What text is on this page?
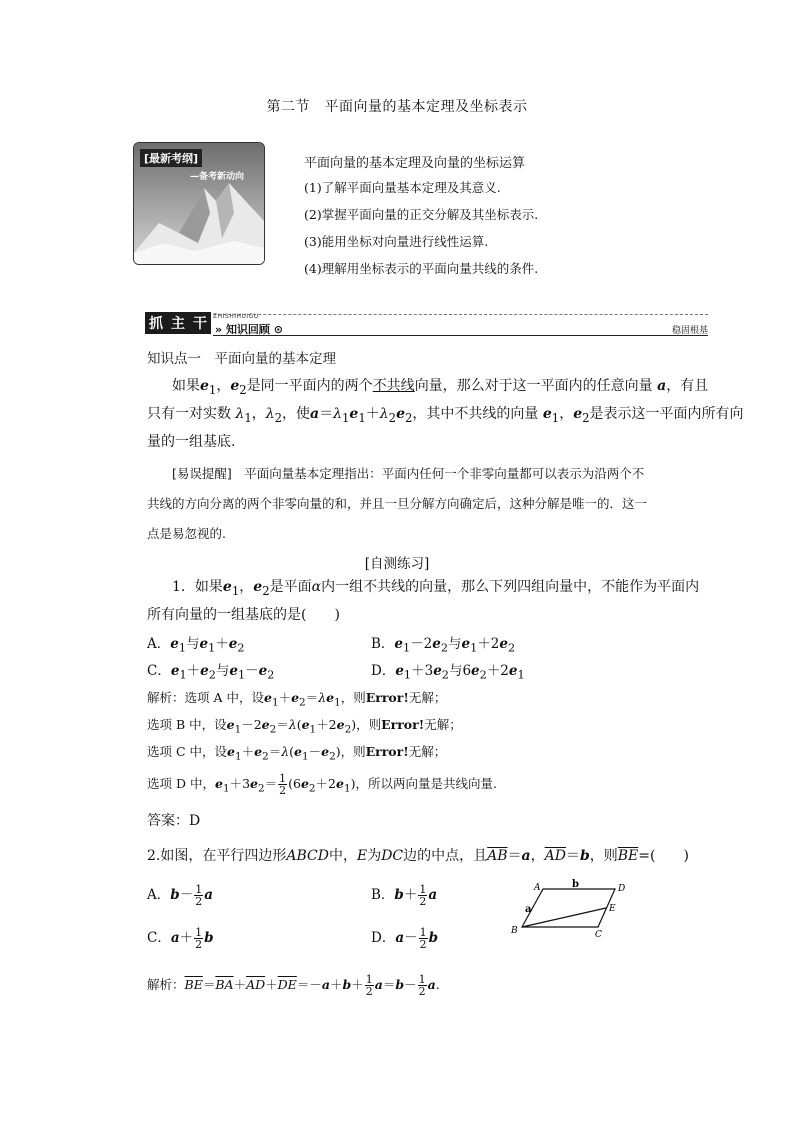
第二节　平面向量的基本定理及坐标表示
[最新考纲]
—备考新动向
平面向量的基本定理及向量的坐标运算
(1)了解平面向量基本定理及其意义.
(2)掌握平面向量的正交分解及其坐标表示.
(3)能用坐标对向量进行线性运算.
(4)理解用坐标表示的平面向量共线的条件.
抓 主 干 ZHISHIHUIGU
» 知识回顾 ⊙	稳固根基
知识点一　平面向量的基本定理
如果$e_1$，$e_2$是同一平面内的两个不共线向量，那么对于这一平面内的任意向量 a，有且
只有一对实数 $\lambda_1$，$\lambda_2$，使$a=\lambda_1e_1+\lambda_2e_2$，其中不共线的向量 $e_1$，$e_2$是表示这一平面内所有向
量的一组基底.
[易误提醒]　 平面向量基本定理指出：平面内任何一个非零向量都可以表示为沿两个不
共线的方向分离的两个非零向量的和，并且一旦分解方向确定后，这种分解是唯一的．这一
点是易忽视的.
[自测练习]
1．如果$e_1$，$e_2$是平面α内一组不共线的向量，那么下列四组向量中，不能作为平面内
所有向量的一组基底的是(　　)
A．$e_1$与$e_1+e_2$	B．$e_1-2e_2$与$e_1+2e_2$
C．$e_1+e_2$与$e_1-e_2$	D．$e_1+3e_2$与$6e_2+2e_1$
解析：选项 A 中，设$e_1+e_2=\lambda e_1$，则Error!无解；
选项 B 中，设$e_1-2e_2=\lambda(e_1+2e_2)$，则Error!无解；
选项 C 中，设$e_1+e_2=\lambda(e_1-e_2)$，则Error!无解；
选项 D 中，$e_1+3e_2= \frac{1}{2} (6e_2+2e_1)$，所以两向量是共线向量.
答案：D
2.如图，在平行四边形ABCD中，E为DC边的中点，且$\overline{AB}=a$，$\overline{AD}=b$，则$\overline{BE}=$(　　)
A．$b- \frac{1}{2}$ a	B．$b+ \frac{1}{2}$ a
C．$a+ \frac{1}{2}$ b	D．$a- \frac{1}{2}$ b
A	D
B	C
E
a
b
解析：$\overline{BE}=\overline{BA}+\overline{AD}+\overline{DE}=-a+b+ \frac{1}{2} a=b- \frac{1}{2} a$.
